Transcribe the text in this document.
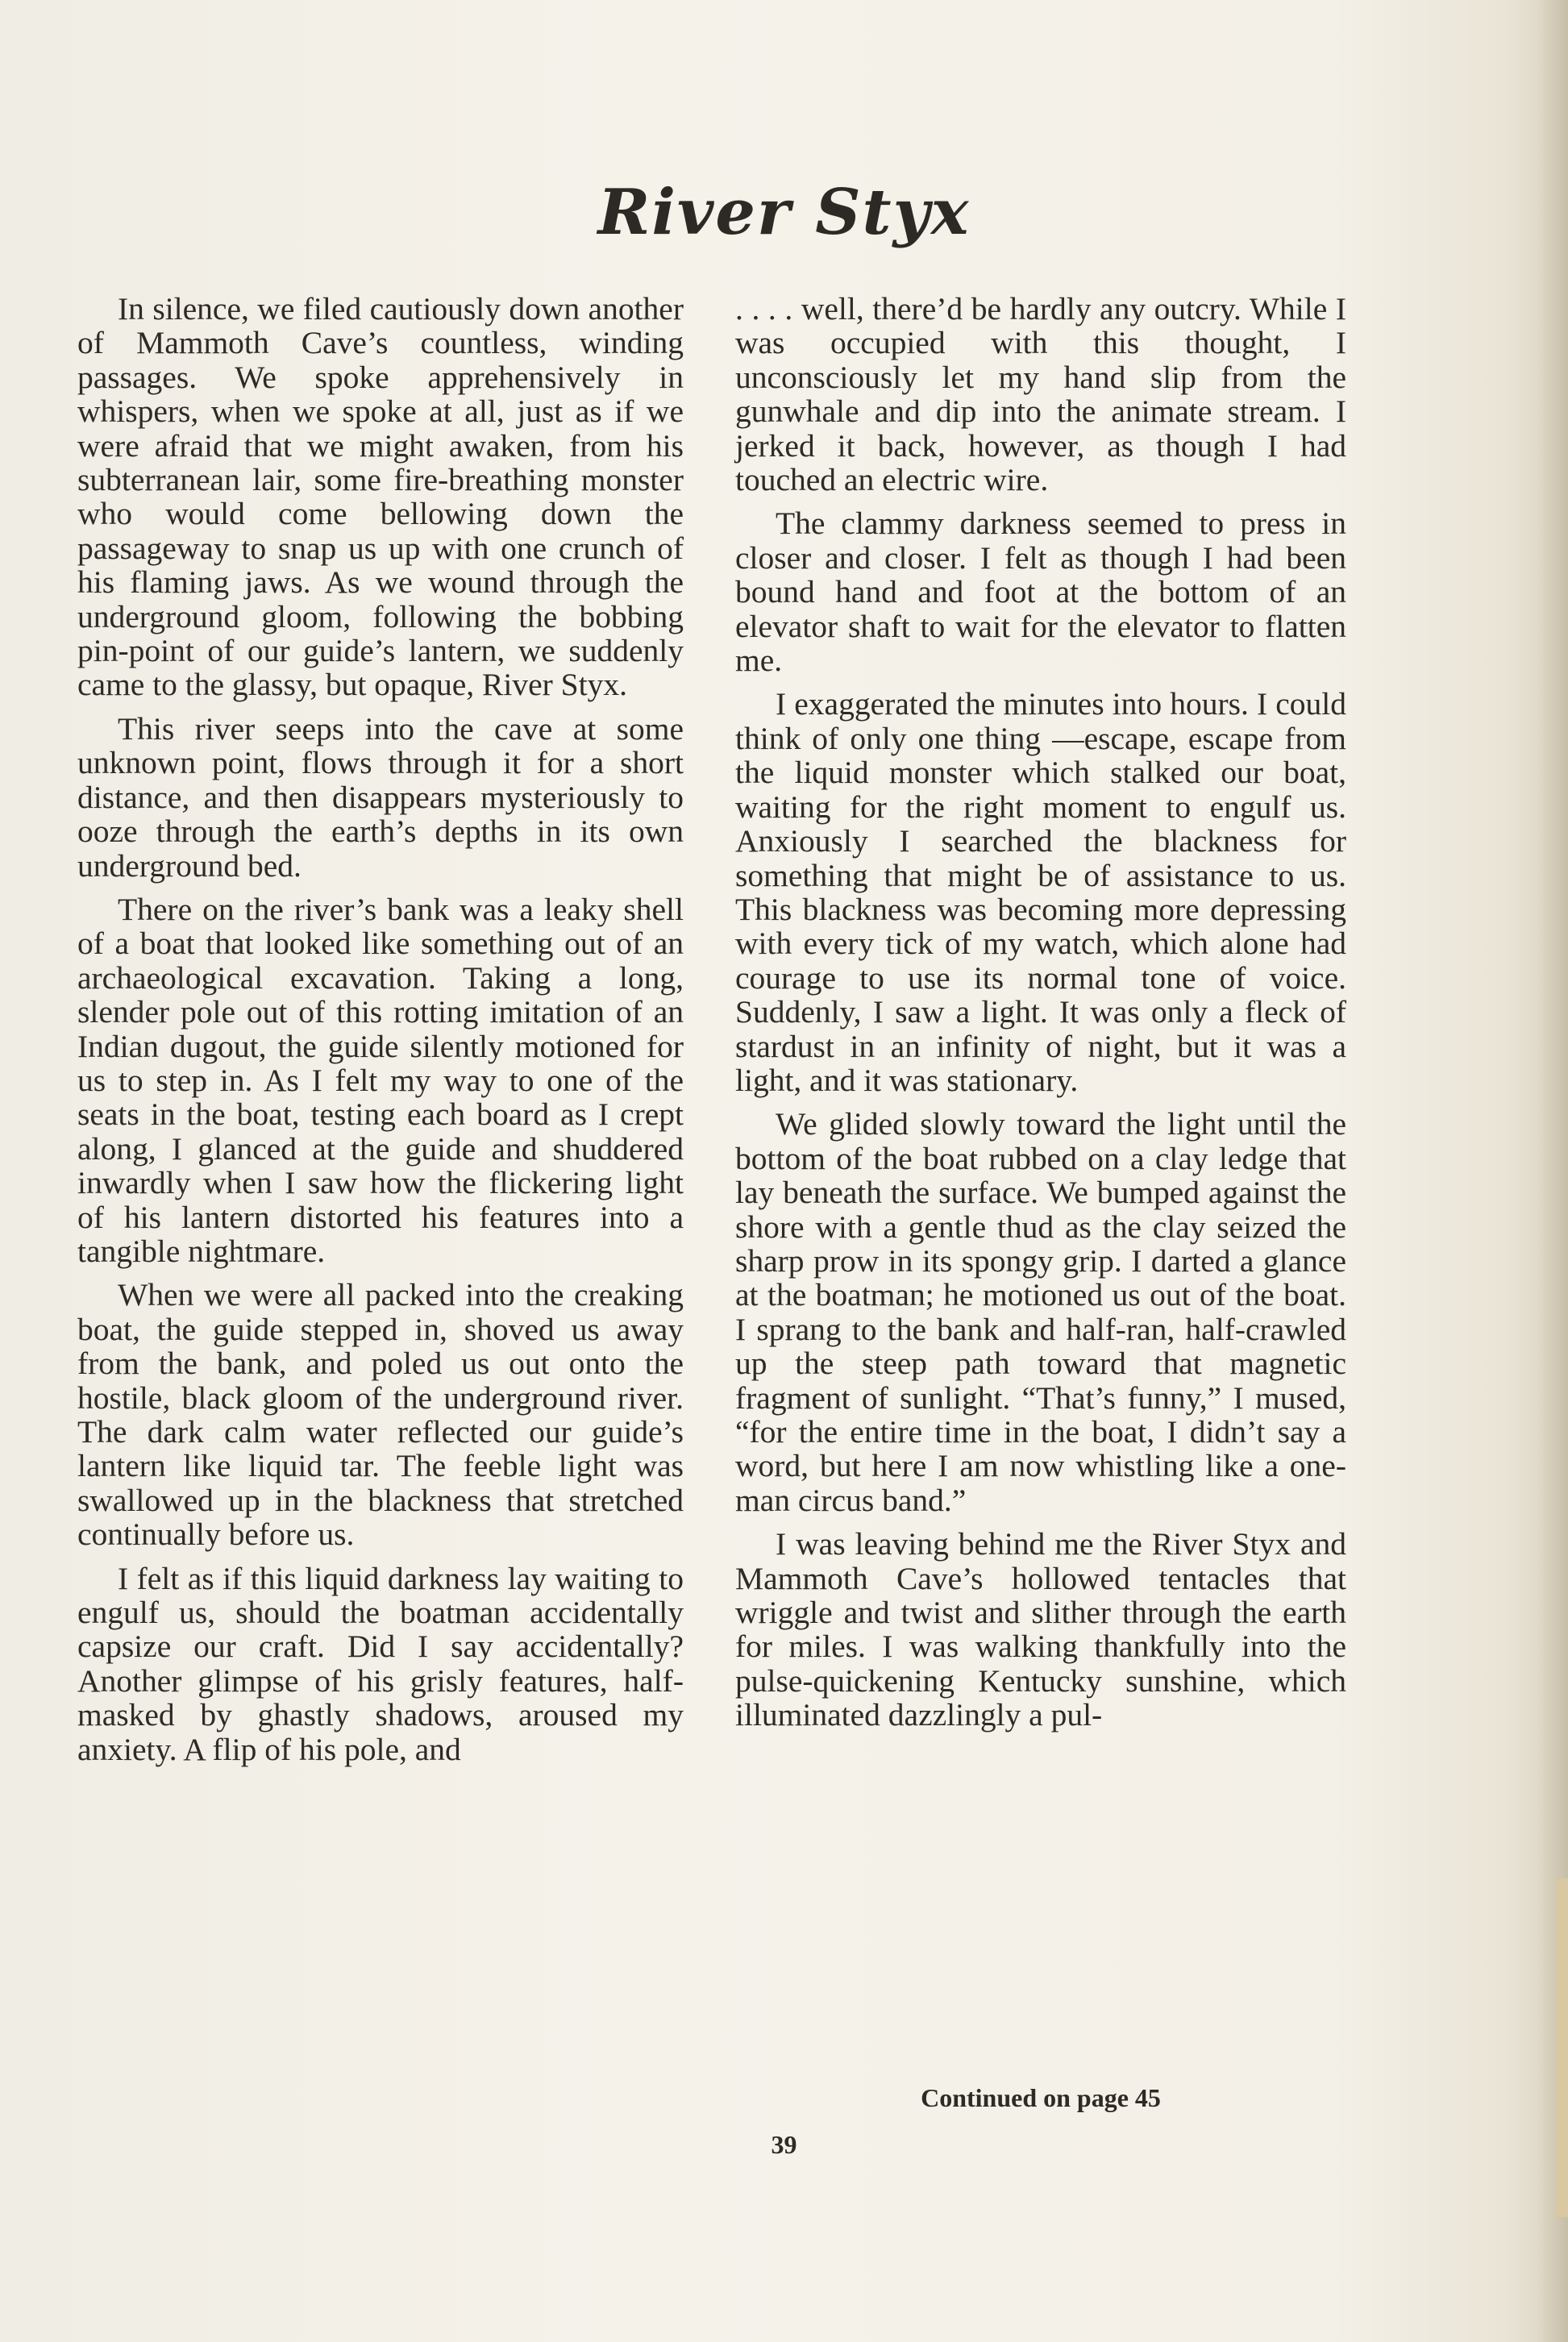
River Styx

In silence, we filed cautiously down another of Mammoth Cave’s countless, winding passages. We spoke apprehensively in whispers, when we spoke at all, just as if we were afraid that we might awaken, from his subterranean lair, some fire-breathing monster who would come bellowing down the passageway to snap us up with one crunch of his flaming jaws. As we wound through the underground gloom, following the bobbing pin-point of our guide’s lantern, we suddenly came to the glassy, but opaque, River Styx.

This river seeps into the cave at some unknown point, flows through it for a short distance, and then disappears mysteriously to ooze through the earth’s depths in its own underground bed.

There on the river’s bank was a leaky shell of a boat that looked like something out of an archaeological excavation. Taking a long, slender pole out of this rotting imitation of an Indian dugout, the guide silently motioned for us to step in. As I felt my way to one of the seats in the boat, testing each board as I crept along, I glanced at the guide and shuddered inwardly when I saw how the flickering light of his lantern distorted his features into a tangible nightmare.

When we were all packed into the creaking boat, the guide stepped in, shoved us away from the bank, and poled us out onto the hostile, black gloom of the underground river. The dark calm water reflected our guide’s lantern like liquid tar. The feeble light was swallowed up in the blackness that stretched continually before us.

I felt as if this liquid darkness lay waiting to engulf us, should the boatman accidentally capsize our craft. Did I say accidentally? Another glimpse of his grisly features, half-masked by ghastly shadows, aroused my anxiety. A flip of his pole, and

. . . . well, there’d be hardly any outcry. While I was occupied with this thought, I unconsciously let my hand slip from the gunwhale and dip into the animate stream. I jerked it back, however, as though I had touched an electric wire.

The clammy darkness seemed to press in closer and closer. I felt as though I had been bound hand and foot at the bottom of an elevator shaft to wait for the elevator to flatten me.

I exaggerated the minutes into hours. I could think of only one thing —escape, escape from the liquid monster which stalked our boat, waiting for the right moment to engulf us. Anxiously I searched the blackness for something that might be of assistance to us. This blackness was becoming more depressing with every tick of my watch, which alone had courage to use its normal tone of voice. Suddenly, I saw a light. It was only a fleck of stardust in an infinity of night, but it was a light, and it was stationary.

We glided slowly toward the light until the bottom of the boat rubbed on a clay ledge that lay beneath the surface. We bumped against the shore with a gentle thud as the clay seized the sharp prow in its spongy grip. I darted a glance at the boatman; he motioned us out of the boat. I sprang to the bank and half-ran, half-crawled up the steep path toward that magnetic fragment of sunlight. “That’s funny,” I mused, “for the entire time in the boat, I didn’t say a word, but here I am now whistling like a one-man circus band.”

I was leaving behind me the River Styx and Mammoth Cave’s hollowed tentacles that wriggle and twist and slither through the earth for miles. I was walking thankfully into the pulse-quickening Kentucky sunshine, which illuminated dazzlingly a pul-

Continued on page 45
39
